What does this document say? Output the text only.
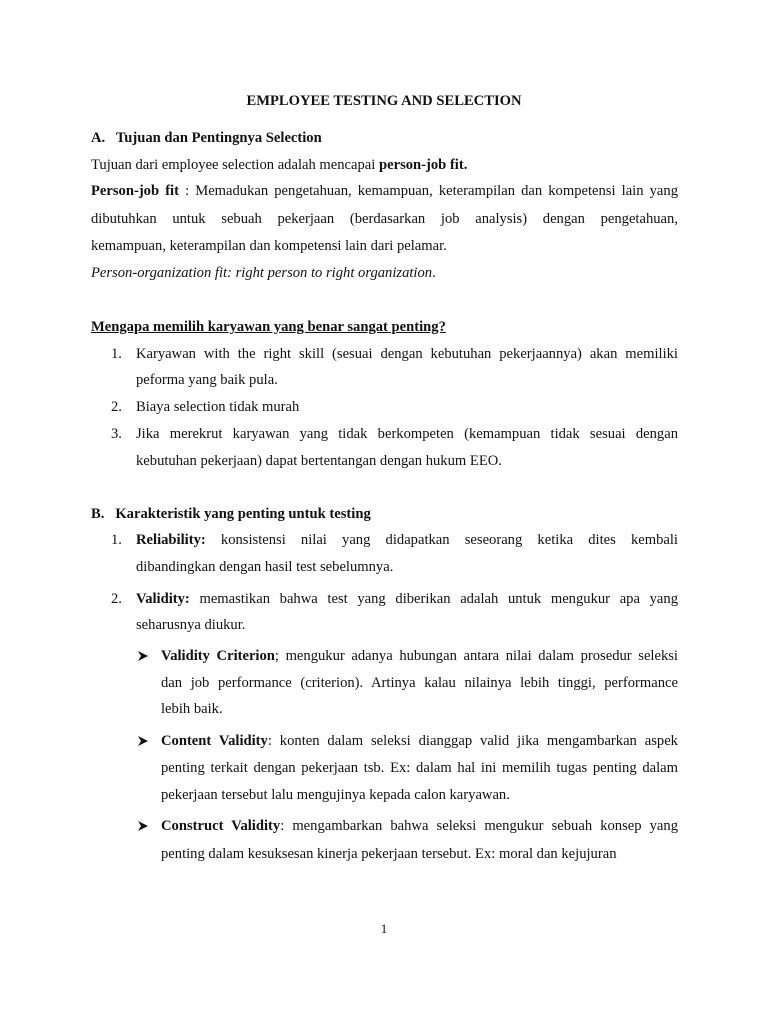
EMPLOYEE TESTING AND SELECTION
A.   Tujuan dan Pentingnya Selection
Tujuan dari employee selection adalah mencapai person-job fit.
Person-job fit : Memadukan pengetahuan, kemampuan, keterampilan dan kompetensi lain yang
dibutuhkan untuk sebuah pekerjaan (berdasarkan job analysis) dengan pengetahuan,
kemampuan, keterampilan dan kompetensi lain dari pelamar.
Person-organization fit: right person to right organization.
Mengapa memilih karyawan yang benar sangat penting?
1. Karyawan with the right skill (sesuai dengan kebutuhan pekerjaannya) akan memiliki
peforma yang baik pula.
2. Biaya selection tidak murah
3. Jika merekrut karyawan yang tidak berkompeten (kemampuan tidak sesuai dengan
kebutuhan pekerjaan) dapat bertentangan dengan hukum EEO.
B.   Karakteristik yang penting untuk testing
1. Reliability: konsistensi nilai yang didapatkan seseorang ketika dites kembali
dibandingkan dengan hasil test sebelumnya.
2. Validity: memastikan bahwa test yang diberikan adalah untuk mengukur apa yang
seharusnya diukur.
Validity Criterion; mengukur adanya hubungan antara nilai dalam prosedur seleksi
dan job performance (criterion). Artinya kalau nilainya lebih tinggi, performance
lebih baik.
Content Validity: konten dalam seleksi dianggap valid jika mengambarkan aspek
penting terkait dengan pekerjaan tsb. Ex: dalam hal ini memilih tugas penting dalam
pekerjaan tersebut lalu mengujinya kepada calon karyawan.
Construct Validity: mengambarkan bahwa seleksi mengukur sebuah konsep yang
penting dalam kesuksesan kinerja pekerjaan tersebut. Ex: moral dan kejujuran
1
